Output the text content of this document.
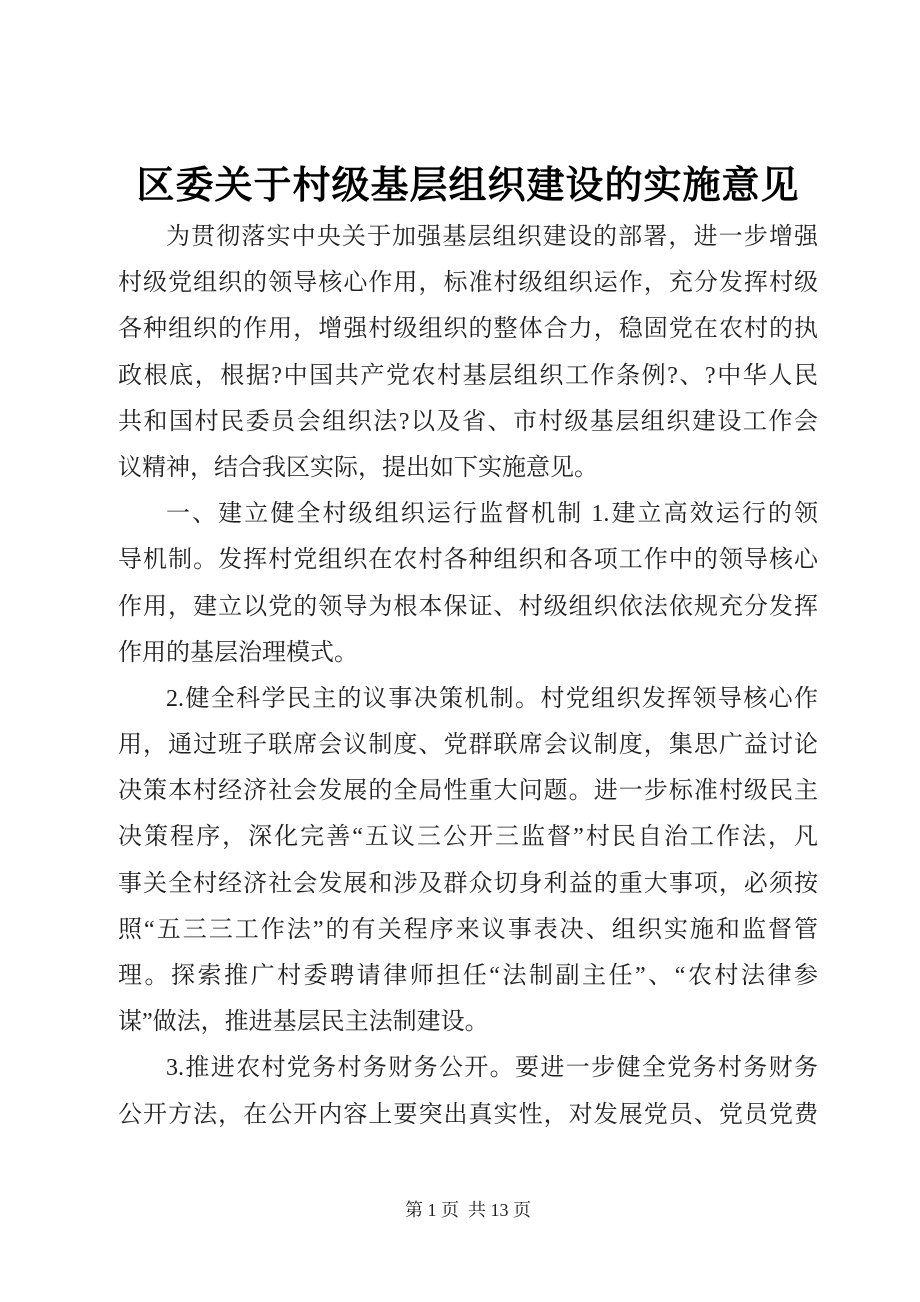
区委关于村级基层组织建设的实施意见
为贯彻落实中央关于加强基层组织建设的部署，进一步增强
村级党组织的领导核心作用，标准村级组织运作，充分发挥村级
各种组织的作用，增强村级组织的整体合力，稳固党在农村的执
政根底，根据?中国共产党农村基层组织工作条例?、?中华人民
共和国村民委员会组织法?以及省、市村级基层组织建设工作会
议精神，结合我区实际，提出如下实施意见。
一、建立健全村级组织运行监督机制 1.建立高效运行的领
导机制。发挥村党组织在农村各种组织和各项工作中的领导核心
作用，建立以党的领导为根本保证、村级组织依法依规充分发挥
作用的基层治理模式。
2.健全科学民主的议事决策机制。村党组织发挥领导核心作
用，通过班子联席会议制度、党群联席会议制度，集思广益讨论
决策本村经济社会发展的全局性重大问题。进一步标准村级民主
决策程序，深化完善“五议三公开三监督”村民自治工作法，凡
事关全村经济社会发展和涉及群众切身利益的重大事项，必须按
照“五三三工作法”的有关程序来议事表决、组织实施和监督管
理。探索推广村委聘请律师担任“法制副主任”、“农村法律参
谋”做法，推进基层民主法制建设。
3.推进农村党务村务财务公开。要进一步健全党务村务财务
公开方法，在公开内容上要突出真实性，对发展党员、党员党费
第 1 页  共 13 页
